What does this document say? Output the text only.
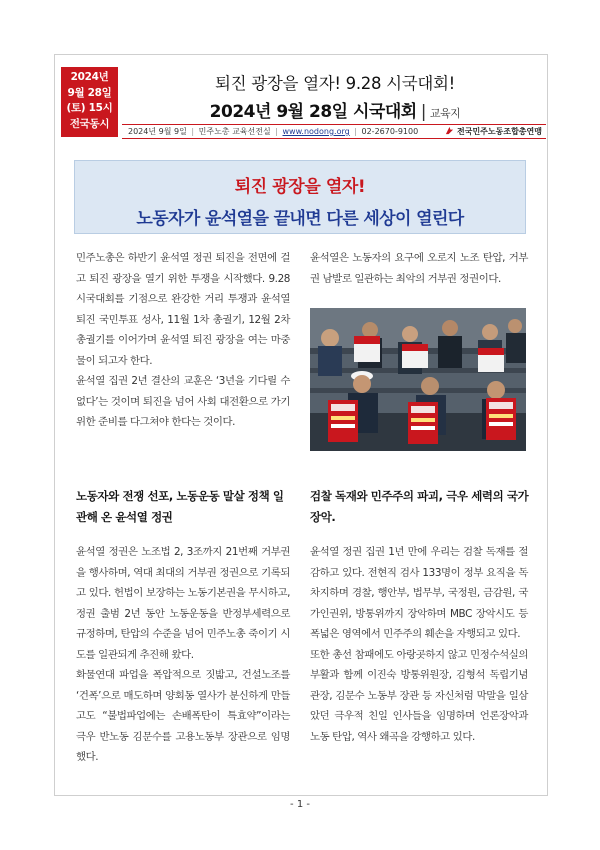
2024년
9월 28일
(토) 15시
전국동시
퇴진 광장을 열자! 9.28 시국대회!
2024년 9월 28일 시국대회 | 교육지
2024년 9월 9일 | 민주노총 교육선전실 | www.nodong.org | 02-2670-9100	전국민주노동조합총연맹
퇴진 광장을 열자!
노동자가 윤석열을 끝내면 다른 세상이 열린다

민주노총은 하반기 윤석열 정권 퇴진을 전면에 걸고 퇴진 광장을 열기 위한 투쟁을 시작했다. 9.28 시국대회를 기점으로 완강한 거리 투쟁과 윤석열 퇴진 국민투표 성사, 11월 1차 총궐기, 12월 2차 총궐기를 이어가며 윤석열 퇴진 광장을 여는 마중물이 되고자 한다.

윤석열 집권 2년 결산의 교훈은 ‘3년을 기다릴 수 없다’는 것이며 퇴진을 넘어 사회 대전환으로 가기 위한 준비를 다그쳐야 한다는 것이다.

노동자와 전쟁 선포, 노동운동 말살 정책 일관해 온 윤석열 정권

윤석열 정권은 노조법 2, 3조까지 21번째 거부권을 행사하며, 역대 최대의 거부권 정권으로 기록되고 있다. 헌법이 보장하는 노동기본권을 무시하고, 정권 출범 2년 동안 노동운동을 반정부세력으로 규정하며, 탄압의 수준을 넘어 민주노총 죽이기 시도를 일관되게 추진해 왔다.

화물연대 파업을 폭압적으로 짓밟고, 건설노조를 ‘건폭’으로 매도하며 양회동 열사가 분신하게 만들고도 “불법파업에는 손배폭탄이 특효약”이라는 극우 반노동 김문수를 고용노동부 장관으로 임명했다.

윤석열은 노동자의 요구에 오로지 노조 탄압, 거부권 남발로 일관하는 최악의 거부권 정권이다.

검찰 독재와 민주주의 파괴, 극우 세력의 국가 장악.

윤석열 정권 집권 1년 만에 우리는 검찰 독재를 절감하고 있다. 전현직 검사 133명이 정부 요직을 독차지하며 경찰, 행안부, 법무부, 국정원, 금감원, 국가인권위, 방통위까지 장악하며 MBC 장악시도 등 폭넓은 영역에서 민주주의 훼손을 자행되고 있다.

또한 총선 참패에도 아랑곳하지 않고 민정수석실의 부활과 함께 이진숙 방통위원장, 김형석 독립기념관장, 김문수 노동부 장관 등 자신처럼 막말을 일삼았던 극우적 친일 인사들을 임명하며 언론장악과 노동 탄압, 역사 왜곡을 강행하고 있다.

- 1 -
